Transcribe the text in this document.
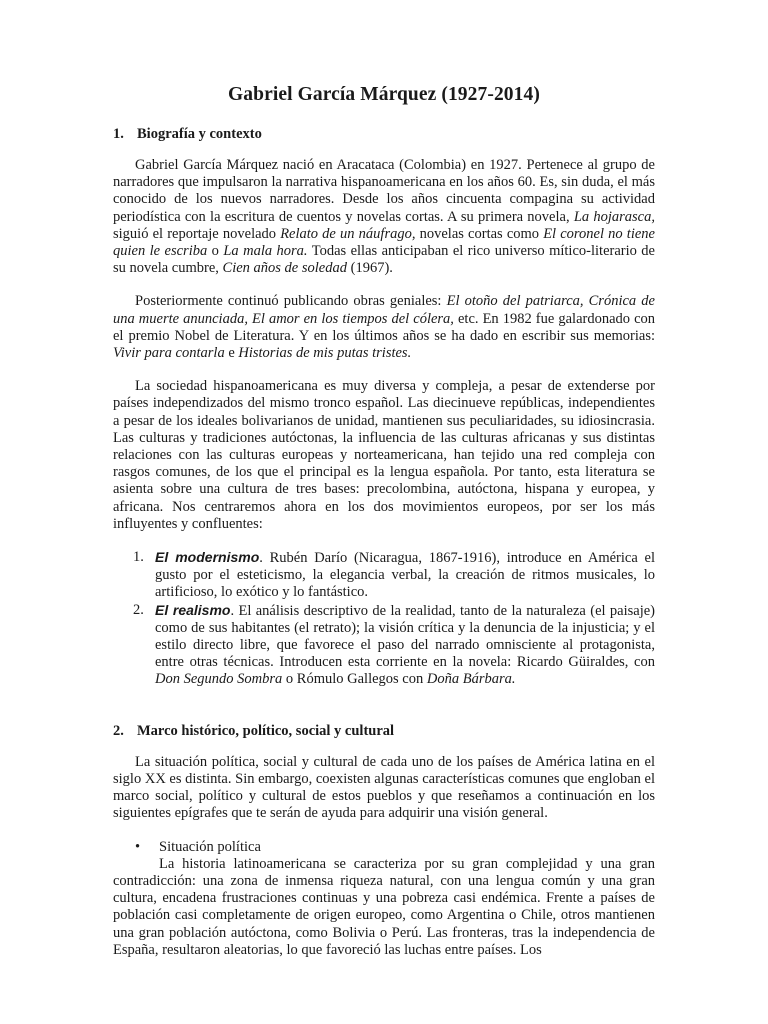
Gabriel García Márquez (1927-2014)
1. Biografía y contexto

Gabriel García Márquez nació en Aracataca (Colombia) en 1927. Pertenece al grupo de narradores que impulsaron la narrativa hispanoamericana en los años 60. Es, sin duda, el más conocido de los nuevos narradores. Desde los años cincuenta compagina su actividad periodística con la escritura de cuentos y novelas cortas. A su primera novela, La hojarasca, siguió el reportaje novelado Relato de un náufrago, novelas cortas como El coronel no tiene quien le escriba o La mala hora. Todas ellas anticipaban el rico universo mítico-literario de su novela cumbre, Cien años de soledad (1967).

Posteriormente continuó publicando obras geniales: El otoño del patriarca, Crónica de una muerte anunciada, El amor en los tiempos del cólera, etc. En 1982 fue galardonado con el premio Nobel de Literatura. Y en los últimos años se ha dado en escribir sus memorias: Vivir para contarla e Historias de mis putas tristes.

La sociedad hispanoamericana es muy diversa y compleja, a pesar de extenderse por países independizados del mismo tronco español. Las diecinueve repúblicas, independientes a pesar de los ideales bolivarianos de unidad, mantienen sus peculiaridades, su idiosincrasia. Las culturas y tradiciones autóctonas, la influencia de las culturas africanas y sus distintas relaciones con las culturas europeas y norteamericana, han tejido una red compleja con rasgos comunes, de los que el principal es la lengua española. Por tanto, esta literatura se asienta sobre una cultura de tres bases: precolombina, autóctona, hispana y europea, y africana. Nos centraremos ahora en los dos movimientos europeos, por ser los más influyentes y confluentes:

1. El modernismo. Rubén Darío (Nicaragua, 1867-1916), introduce en América el gusto por el esteticismo, la elegancia verbal, la creación de ritmos musicales, lo artificioso, lo exótico y lo fantástico.
2. El realismo. El análisis descriptivo de la realidad, tanto de la naturaleza (el paisaje) como de sus habitantes (el retrato); la visión crítica y la denuncia de la injusticia; y el estilo directo libre, que favorece el paso del narrado omnisciente al protagonista, entre otras técnicas. Introducen esta corriente en la novela: Ricardo Güiraldes, con Don Segundo Sombra o Rómulo Gallegos con Doña Bárbara.
2. Marco histórico, político, social y cultural

La situación política, social y cultural de cada uno de los países de América latina en el siglo XX es distinta. Sin embargo, coexisten algunas características comunes que engloban el marco social, político y cultural de estos pueblos y que reseñamos a continuación en los siguientes epígrafes que te serán de ayuda para adquirir una visión general.

•	Situación política

La historia latinoamericana se caracteriza por su gran complejidad y una gran contradicción: una zona de inmensa riqueza natural, con una lengua común y una gran cultura, encadena frustraciones continuas y una pobreza casi endémica. Frente a países de población casi completamente de origen europeo, como Argentina o Chile, otros mantienen una gran población autóctona, como Bolivia o Perú. Las fronteras, tras la independencia de España, resultaron aleatorias, lo que favoreció las luchas entre países. Los
